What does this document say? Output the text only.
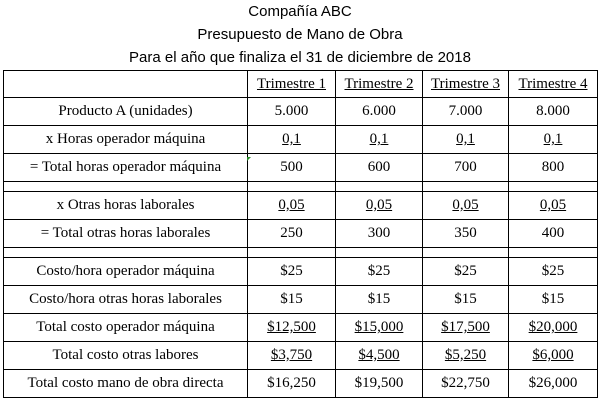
Compañía ABC
Presupuesto de Mano de Obra
Para el año que finaliza el 31 de diciembre de 2018
	Trimestre 1	Trimestre 2	Trimestre 3	Trimestre 4
Producto A (unidades)	5.000	6.000	7.000	8.000
x Horas operador máquina	0,1	0,1	0,1	0,1
= Total horas operador máquina	500	600	700	800

x Otras horas laborales	0,05	0,05	0,05	0,05
= Total otras horas laborales	250	300	350	400

Costo/hora operador máquina	$25	$25	$25	$25
Costo/hora otras horas laborales	$15	$15	$15	$15
Total costo operador máquina	$12,500	$15,000	$17,500	$20,000
Total costo otras labores	$3,750	$4,500	$5,250	$6,000
Total costo mano de obra directa	$16,250	$19,500	$22,750	$26,000
